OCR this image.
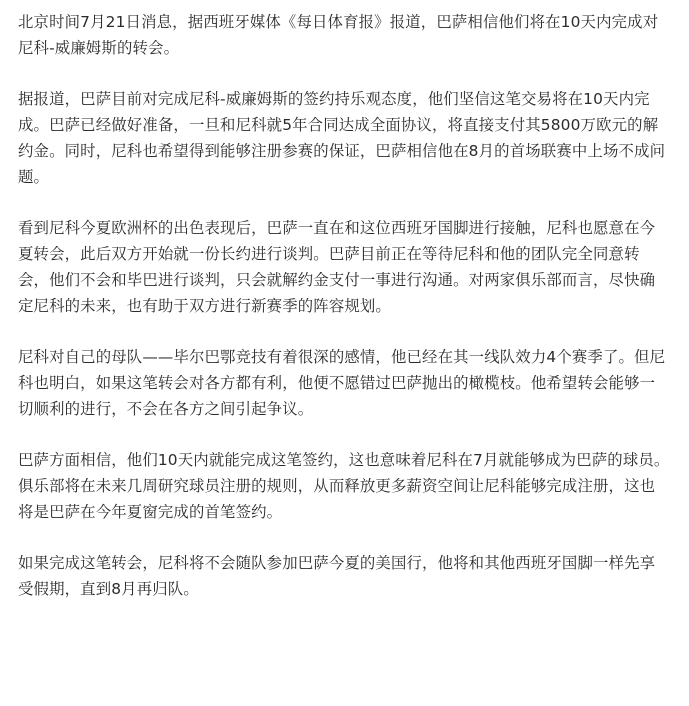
北京时间7月21日消息，据西班牙媒体《每日体育报》报道，巴萨相信他们将在10天内完成对尼科-威廉姆斯的转会。

据报道，巴萨目前对完成尼科-威廉姆斯的签约持乐观态度，他们坚信这笔交易将在10天内完成。巴萨已经做好准备，一旦和尼科就5年合同达成全面协议，将直接支付其5800万欧元的解约金。同时，尼科也希望得到能够注册参赛的保证，巴萨相信他在8月的首场联赛中上场不成问题。

看到尼科今夏欧洲杯的出色表现后，巴萨一直在和这位西班牙国脚进行接触，尼科也愿意在今夏转会，此后双方开始就一份长约进行谈判。巴萨目前正在等待尼科和他的团队完全同意转会，他们不会和毕巴进行谈判，只会就解约金支付一事进行沟通。对两家俱乐部而言，尽快确定尼科的未来，也有助于双方进行新赛季的阵容规划。

尼科对自己的母队——毕尔巴鄂竞技有着很深的感情，他已经在其一线队效力4个赛季了。但尼科也明白，如果这笔转会对各方都有利，他便不愿错过巴萨抛出的橄榄枝。他希望转会能够一切顺利的进行，不会在各方之间引起争议。

巴萨方面相信，他们10天内就能完成这笔签约，这也意味着尼科在7月就能够成为巴萨的球员。俱乐部将在未来几周研究球员注册的规则，从而释放更多薪资空间让尼科能够完成注册，这也将是巴萨在今年夏窗完成的首笔签约。

如果完成这笔转会，尼科将不会随队参加巴萨今夏的美国行，他将和其他西班牙国脚一样先享受假期，直到8月再归队。
